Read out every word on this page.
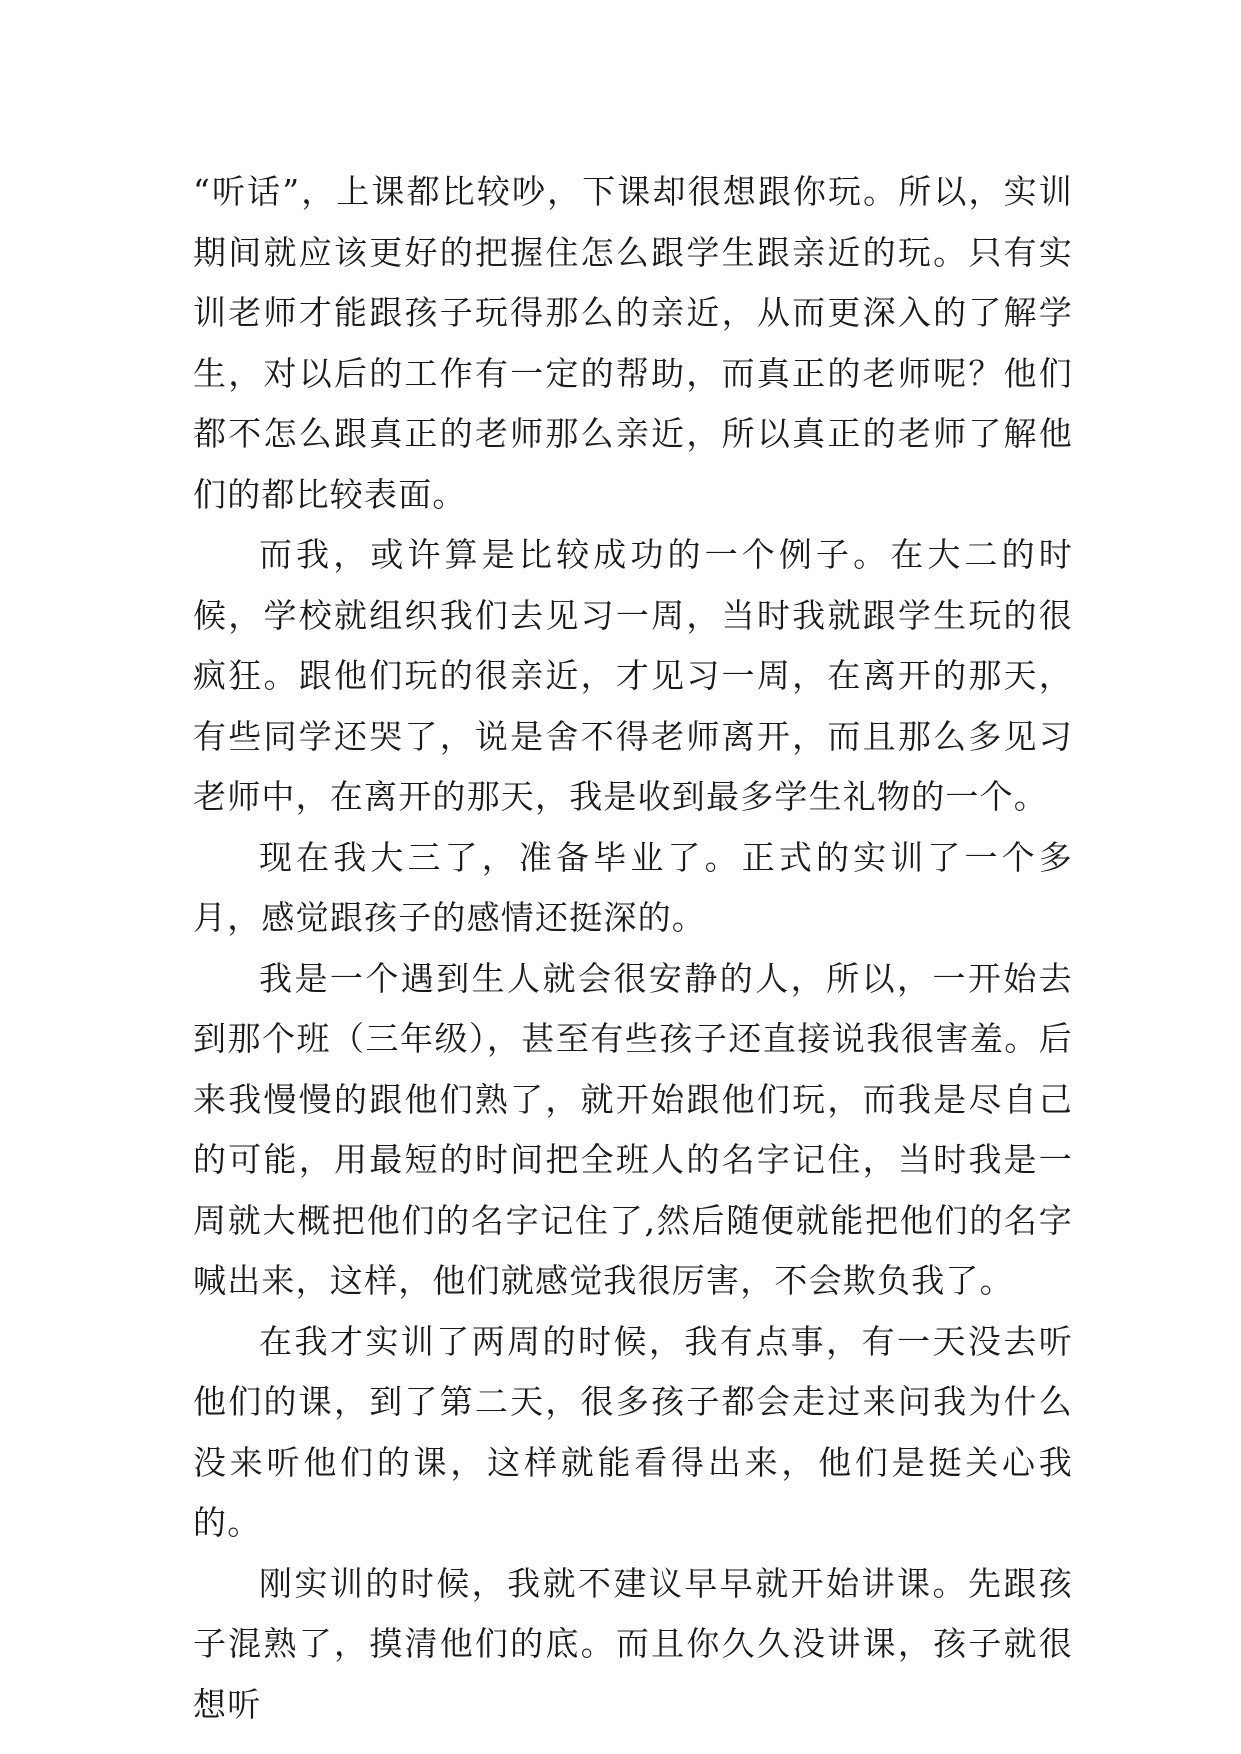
“听话”，上课都比较吵，下课却很想跟你玩。所以，实训期间就应该更好的把握住怎么跟学生跟亲近的玩。只有实训老师才能跟孩子玩得那么的亲近，从而更深入的了解学生，对以后的工作有一定的帮助，而真正的老师呢？他们都不怎么跟真正的老师那么亲近，所以真正的老师了解他们的都比较表面。

而我，或许算是比较成功的一个例子。在大二的时候，学校就组织我们去见习一周，当时我就跟学生玩的很疯狂。跟他们玩的很亲近，才见习一周，在离开的那天，有些同学还哭了，说是舍不得老师离开，而且那么多见习老师中，在离开的那天，我是收到最多学生礼物的一个。

现在我大三了，准备毕业了。正式的实训了一个多月，感觉跟孩子的感情还挺深的。

我是一个遇到生人就会很安静的人，所以，一开始去到那个班（三年级），甚至有些孩子还直接说我很害羞。后来我慢慢的跟他们熟了，就开始跟他们玩，而我是尽自己的可能，用最短的时间把全班人的名字记住，当时我是一周就大概把他们的名字记住了,然后随便就能把他们的名字喊出来，这样，他们就感觉我很厉害，不会欺负我了。

在我才实训了两周的时候，我有点事，有一天没去听他们的课，到了第二天，很多孩子都会走过来问我为什么没来听他们的课，这样就能看得出来，他们是挺关心我的。

刚实训的时候，我就不建议早早就开始讲课。先跟孩子混熟了，摸清他们的底。而且你久久没讲课，孩子就很想听
